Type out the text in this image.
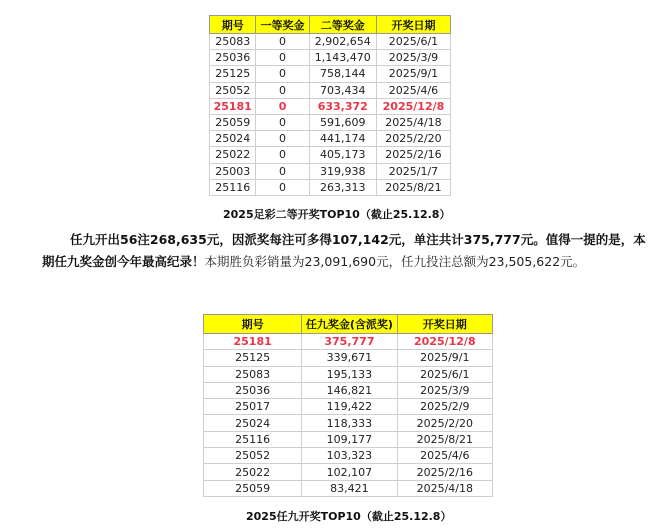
期号	一等奖金	二等奖金	开奖日期
25083	0	2,902,654	2025/6/1
25036	0	1,143,470	2025/3/9
25125	0	758,144	2025/9/1
25052	0	703,434	2025/4/6
25181	0	633,372	2025/12/8
25059	0	591,609	2025/4/18
25024	0	441,174	2025/2/20
25022	0	405,173	2025/2/16
25003	0	319,938	2025/1/7
25116	0	263,313	2025/8/21
2025足彩二等开奖TOP10（截止25.12.8）
任九开出56注268,635元，因派奖每注可多得107,142元，单注共计375,777元。值得一提的是，本期任九奖金创今年最高纪录！本期胜负彩销量为23,091,690元，任九投注总额为23,505,622元。
期号	任九奖金(含派奖)	开奖日期
25181	375,777	2025/12/8
25125	339,671	2025/9/1
25083	195,133	2025/6/1
25036	146,821	2025/3/9
25017	119,422	2025/2/9
25024	118,333	2025/2/20
25116	109,177	2025/8/21
25052	103,323	2025/4/6
25022	102,107	2025/2/16
25059	83,421	2025/4/18
2025任九开奖TOP10（截止25.12.8）
